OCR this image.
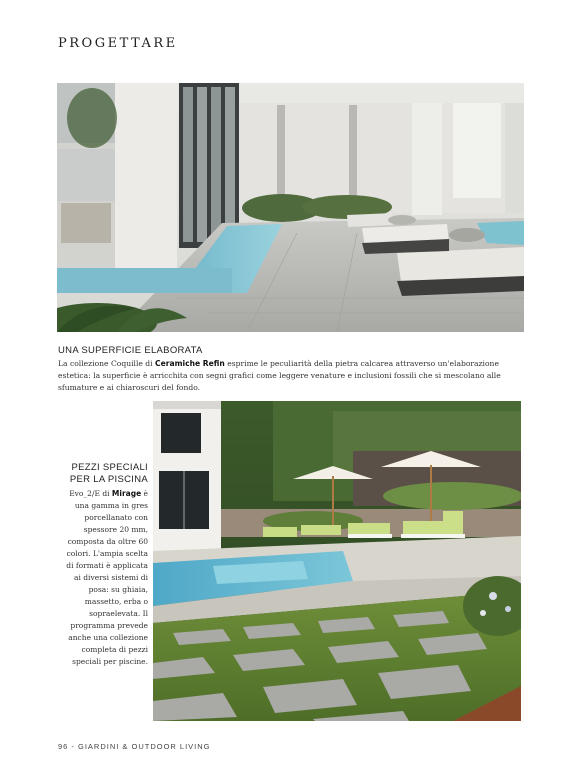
PROGETTARE
UNA SUPERFICIE ELABORATA
La collezione Coquille di Ceramiche Refin esprime le peculiarità della pietra calcarea attraverso un'elaborazione estetica: la superficie è arricchita con segni grafici come leggere venature e inclusioni fossili che si mescolano alle sfumature e ai chiaroscuri del fondo.
PEZZI SPECIALI
PER LA PISCINA
Evo_2/E di Mirage è una gamma in gres porcellanato con spessore 20 mm, composta da oltre 60 colori. L'ampia scelta di formati è applicata ai diversi sistemi di posa: su ghiaia, massetto, erba o sopraelevata. Il programma prevede anche una collezione completa di pezzi speciali per piscine.
96 - GIARDINI & OUTDOOR LIVING
